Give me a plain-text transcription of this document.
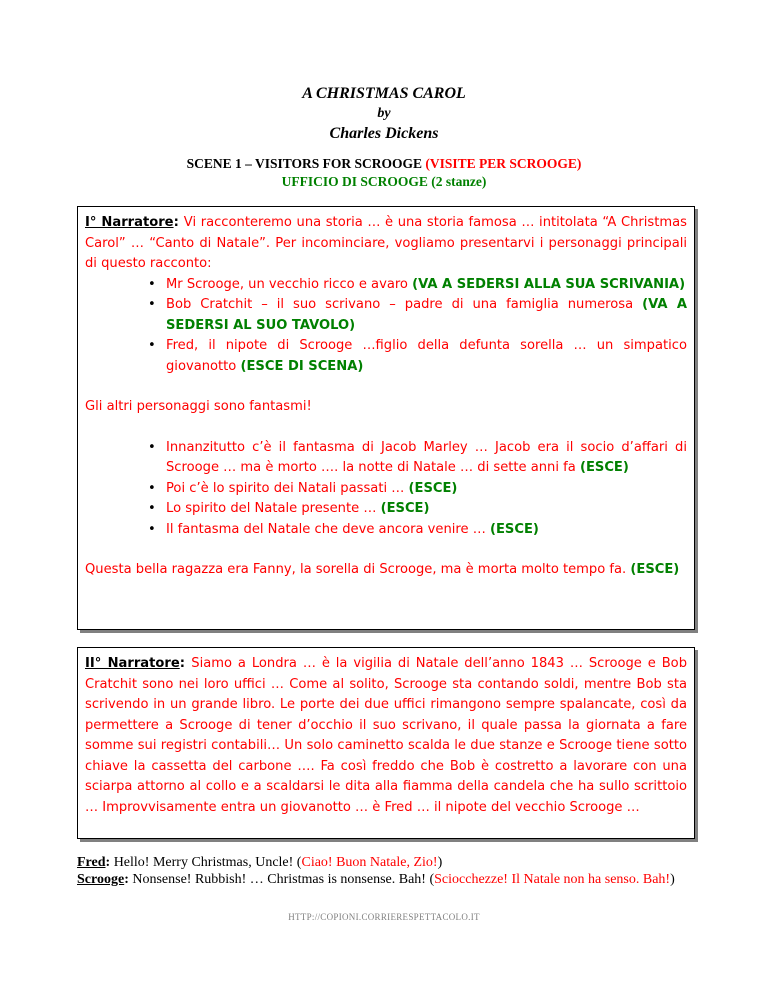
A CHRISTMAS CAROL
by
Charles Dickens
SCENE 1 – VISITORS FOR SCROOGE (VISITE PER SCROOGE)
UFFICIO DI SCROOGE (2 stanze)

I° Narratore: Vi racconteremo una storia … è una storia famosa … intitolata “A Christmas Carol” … “Canto di Natale”. Per incominciare, vogliamo presentarvi i personaggi principali di questo racconto:

• Mr Scrooge, un vecchio ricco e avaro (VA A SEDERSI ALLA SUA SCRIVANIA)
• Bob Cratchit – il suo scrivano – padre di una famiglia numerosa (VA A SEDERSI AL SUO TAVOLO)
• Fred, il nipote di Scrooge …figlio della defunta sorella … un simpatico giovanotto (ESCE DI SCENA)

Gli altri personaggi sono fantasmi!

• Innanzitutto c’è il fantasma di Jacob Marley … Jacob era il socio d’affari di Scrooge … ma è morto …. la notte di Natale … di sette anni fa (ESCE)
• Poi c’è lo spirito dei Natali passati … (ESCE)
• Lo spirito del Natale presente … (ESCE)
• Il fantasma del Natale che deve ancora venire … (ESCE)

Questa bella ragazza era Fanny, la sorella di Scrooge, ma è morta molto tempo fa. (ESCE)

II° Narratore: Siamo a Londra … è la vigilia di Natale dell’anno 1843 … Scrooge e Bob Cratchit sono nei loro uffici … Come al solito, Scrooge sta contando soldi, mentre Bob sta scrivendo in un grande libro. Le porte dei due uffici rimangono sempre spalancate, così da permettere a Scrooge di tener d’occhio il suo scrivano, il quale passa la giornata a fare somme sui registri contabili… Un solo caminetto scalda le due stanze e Scrooge tiene sotto chiave la cassetta del carbone …. Fa così freddo che Bob è costretto a lavorare con una sciarpa attorno al collo e a scaldarsi le dita alla fiamma della candela che ha sullo scrittoio … Improvvisamente entra un giovanotto … è Fred … il nipote del vecchio Scrooge …

Fred: Hello! Merry Christmas, Uncle! (Ciao! Buon Natale, Zio!)

Scrooge: Nonsense! Rubbish! … Christmas is nonsense. Bah! (Sciocchezze! Il Natale non ha senso. Bah!)

HTTP://COPIONI.CORRIERESPETTACOLO.IT
